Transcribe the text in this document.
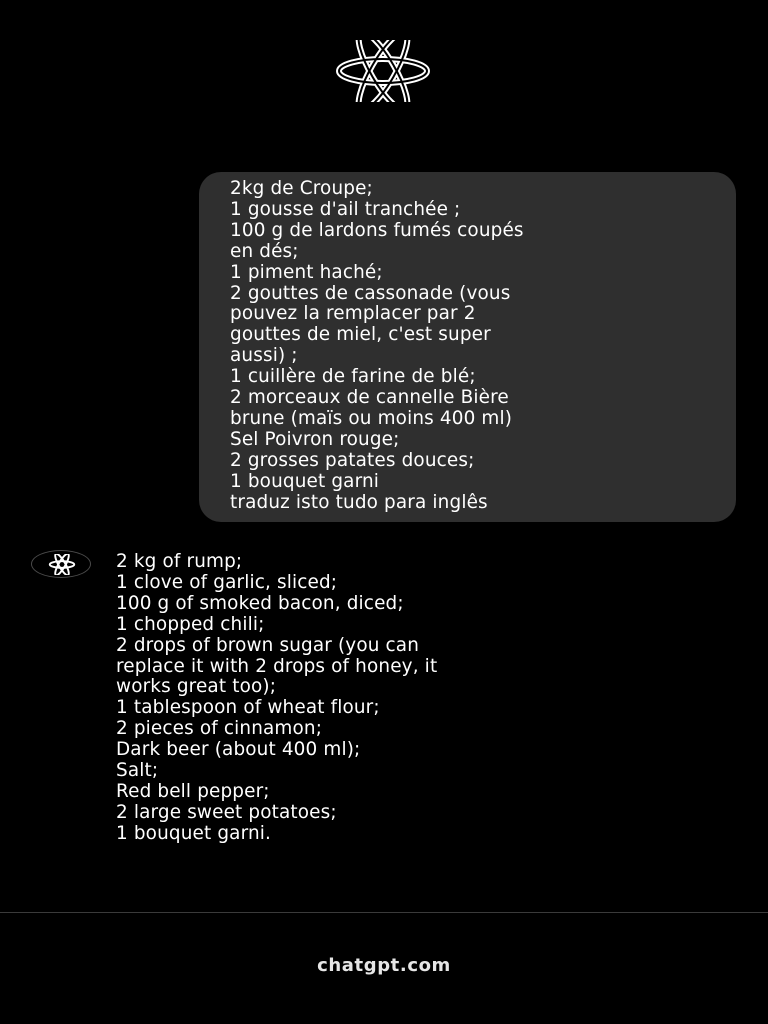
2kg de Croupe;
1 gousse d'ail tranchée ;
100 g de lardons fumés coupés
en dés;
1 piment haché;
2 gouttes de cassonade (vous
pouvez la remplacer par 2
gouttes de miel, c'est super
aussi) ;
1 cuillère de farine de blé;
2 morceaux de cannelle Bière
brune (maïs ou moins 400 ml)
Sel Poivron rouge;
2 grosses patates douces;
1 bouquet garni
traduz isto tudo para inglês
2 kg of rump;
1 clove of garlic, sliced;
100 g of smoked bacon, diced;
1 chopped chili;
2 drops of brown sugar (you can
replace it with 2 drops of honey, it
works great too);
1 tablespoon of wheat flour;
2 pieces of cinnamon;
Dark beer (about 400 ml);
Salt;
Red bell pepper;
2 large sweet potatoes;
1 bouquet garni.
chatgpt.com
